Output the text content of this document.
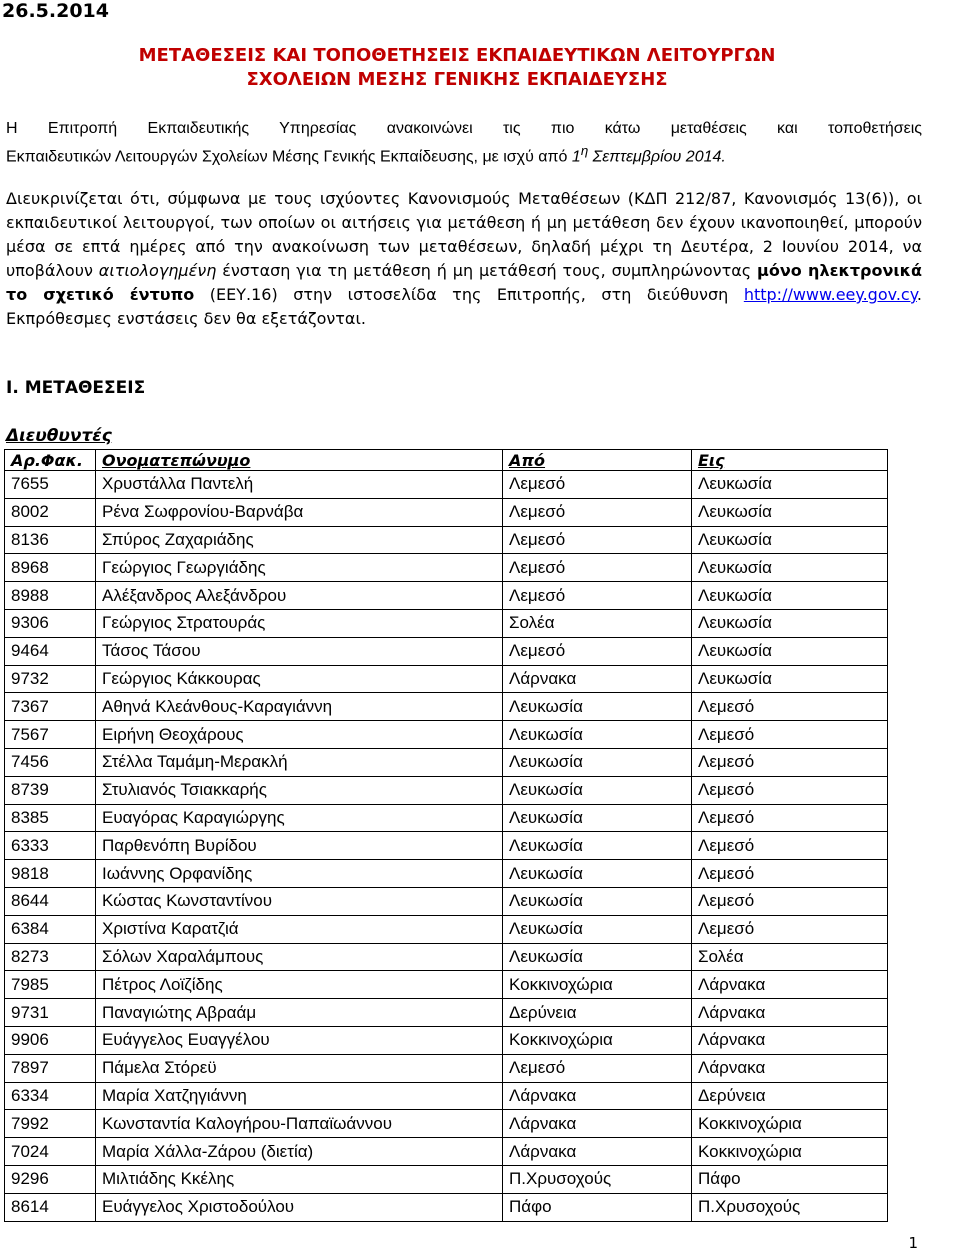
26.5.2014
ΜΕΤΑΘΕΣΕΙΣ ΚΑΙ ΤΟΠΟΘΕΤΗΣΕΙΣ ΕΚΠΑΙΔΕΥΤΙΚΩΝ ΛΕΙΤΟΥΡΓΩΝ
ΣΧΟΛΕΙΩΝ ΜΕΣΗΣ ΓΕΝΙΚΗΣ ΕΚΠΑΙΔΕΥΣΗΣ
Η Επιτροπή Εκπαιδευτικής Υπηρεσίας ανακοινώνει τις πιο κάτω μεταθέσεις και τοποθετήσεις
Εκπαιδευτικών Λειτουργών Σχολείων Μέσης Γενικής Εκπαίδευσης, με ισχύ από $1^\eta$ Σεπτεμβρίου 2014.
Διευκρινίζεται ότι, σύμφωνα με τους ισχύοντες Κανονισμούς Μεταθέσεων (ΚΔΠ 212/87, Κανονισμός 13(6)), οι εκπαιδευτικοί λειτουργοί, των οποίων οι αιτήσεις για μετάθεση ή μη μετάθεση δεν έχουν ικανοποιηθεί, μπορούν μέσα σε επτά ημέρες από την ανακοίνωση των μεταθέσεων, δηλαδή μέχρι τη Δευτέρα, 2 Ιουνίου 2014, να υποβάλουν αιτιολογημένη ένσταση για τη μετάθεση ή μη μετάθεσή τους, συμπληρώνοντας μόνο ηλεκτρονικά το σχετικό έντυπο (ΕΕΥ.16) στην ιστοσελίδα της Επιτροπής, στη διεύθυνση http://www.eey.gov.cy. Εκπρόθεσμες ενστάσεις δεν θα εξετάζονται.
I. ΜΕΤΑΘΕΣΕΙΣ
Διευθυντές
Αρ.Φακ.	Ονοματεπώνυμο	Από	Εις
7655	Χρυστάλλα Παντελή	Λεμεσό	Λευκωσία
8002	Ρένα Σωφρονίου-Βαρνάβα	Λεμεσό	Λευκωσία
8136	Σπύρος Ζαχαριάδης	Λεμεσό	Λευκωσία
8968	Γεώργιος Γεωργιάδης	Λεμεσό	Λευκωσία
8988	Αλέξανδρος Αλεξάνδρου	Λεμεσό	Λευκωσία
9306	Γεώργιος Στρατουράς	Σολέα	Λευκωσία
9464	Τάσος Τάσου	Λεμεσό	Λευκωσία
9732	Γεώργιος Κάκκουρας	Λάρνακα	Λευκωσία
7367	Αθηνά Κλεάνθους-Καραγιάννη	Λευκωσία	Λεμεσό
7567	Ειρήνη Θεοχάρους	Λευκωσία	Λεμεσό
7456	Στέλλα Ταμάμη-Μερακλή	Λευκωσία	Λεμεσό
8739	Στυλιανός Τσιακκαρής	Λευκωσία	Λεμεσό
8385	Ευαγόρας Καραγιώργης	Λευκωσία	Λεμεσό
6333	Παρθενόπη Βυρίδου	Λευκωσία	Λεμεσό
9818	Ιωάννης Ορφανίδης	Λευκωσία	Λεμεσό
8644	Κώστας Κωνσταντίνου	Λευκωσία	Λεμεσό
6384	Χριστίνα Καρατζιά	Λευκωσία	Λεμεσό
8273	Σόλων Χαραλάμπους	Λευκωσία	Σολέα
7985	Πέτρος Λοϊζίδης	Κοκκινοχώρια	Λάρνακα
9731	Παναγιώτης Αβραάμ	Δερύνεια	Λάρνακα
9906	Ευάγγελος Ευαγγέλου	Κοκκινοχώρια	Λάρνακα
7897	Πάμελα Στόρεϋ	Λεμεσό	Λάρνακα
6334	Μαρία Χατζηγιάννη	Λάρνακα	Δερύνεια
7992	Κωνσταντία Καλογήρου-Παπαϊωάννου	Λάρνακα	Κοκκινοχώρια
7024	Μαρία Χάλλα-Ζάρου (διετία)	Λάρνακα	Κοκκινοχώρια
9296	Μιλτιάδης Κκέλης	Π.Χρυσοχούς	Πάφο
8614	Ευάγγελος Χριστοδούλου	Πάφο	Π.Χρυσοχούς
1
